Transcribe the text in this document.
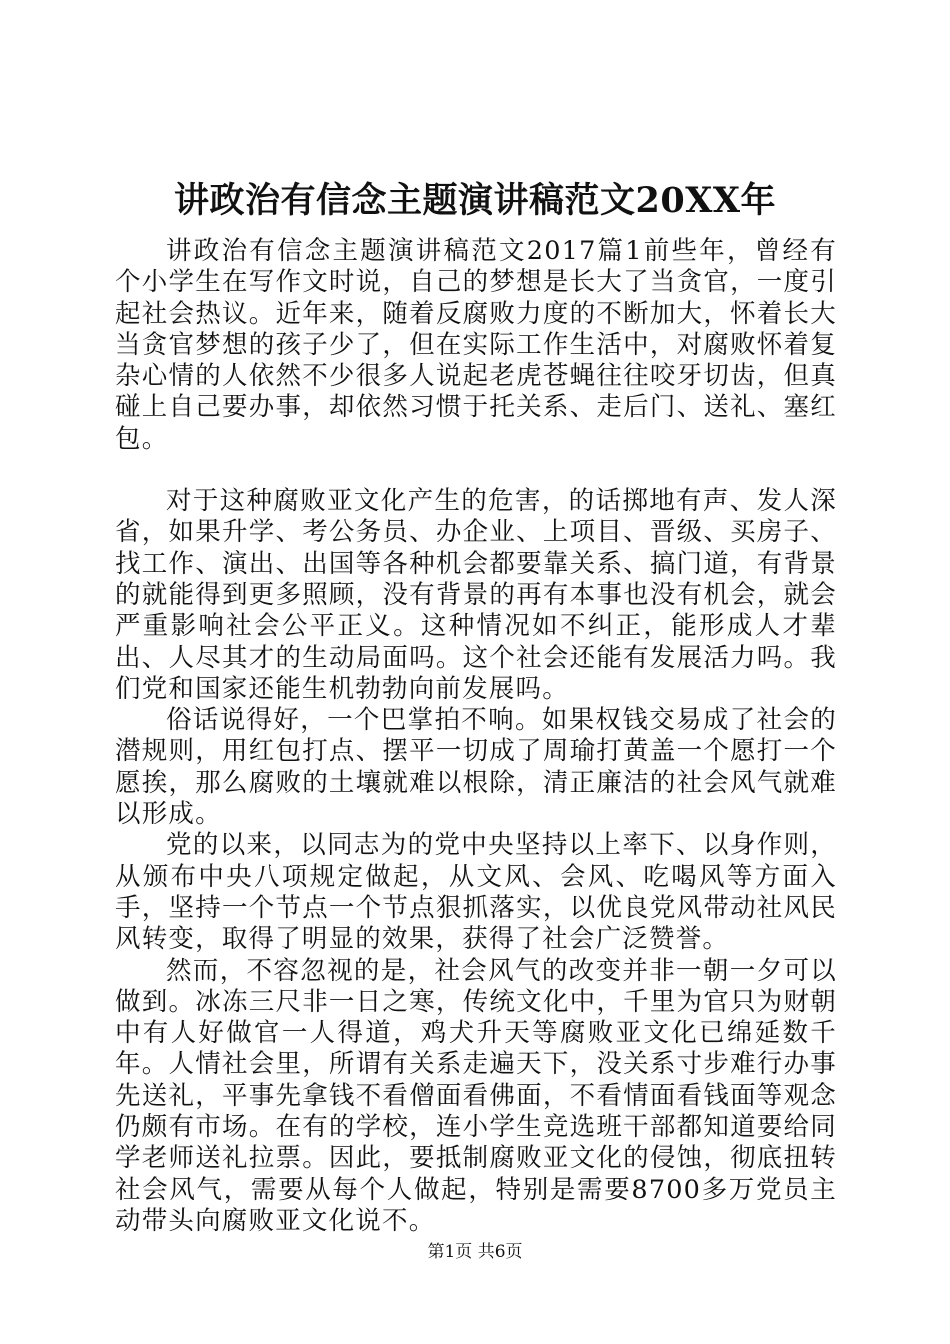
讲政治有信念主题演讲稿范文20XX年

讲政治有信念主题演讲稿范文2017篇1前些年，曾经有个小学生在写作文时说，自己的梦想是长大了当贪官，一度引起社会热议。近年来，随着反腐败力度的不断加大，怀着长大当贪官梦想的孩子少了，但在实际工作生活中，对腐败怀着复杂心情的人依然不少很多人说起老虎苍蝇往往咬牙切齿，但真碰上自己要办事，却依然习惯于托关系、走后门、送礼、塞红包。

对于这种腐败亚文化产生的危害，的话掷地有声、发人深省，如果升学、考公务员、办企业、上项目、晋级、买房子、找工作、演出、出国等各种机会都要靠关系、搞门道，有背景的就能得到更多照顾，没有背景的再有本事也没有机会，就会严重影响社会公平正义。这种情况如不纠正，能形成人才辈出、人尽其才的生动局面吗。这个社会还能有发展活力吗。我们党和国家还能生机勃勃向前发展吗。

俗话说得好，一个巴掌拍不响。如果权钱交易成了社会的潜规则，用红包打点、摆平一切成了周瑜打黄盖一个愿打一个愿挨，那么腐败的土壤就难以根除，清正廉洁的社会风气就难以形成。

党的以来，以同志为的党中央坚持以上率下、以身作则，从颁布中央八项规定做起，从文风、会风、吃喝风等方面入手，坚持一个节点一个节点狠抓落实，以优良党风带动社风民风转变，取得了明显的效果，获得了社会广泛赞誉。

然而，不容忽视的是，社会风气的改变并非一朝一夕可以做到。冰冻三尺非一日之寒，传统文化中，千里为官只为财朝中有人好做官一人得道，鸡犬升天等腐败亚文化已绵延数千年。人情社会里，所谓有关系走遍天下，没关系寸步难行办事先送礼，平事先拿钱不看僧面看佛面，不看情面看钱面等观念仍颇有市场。在有的学校，连小学生竞选班干部都知道要给同学老师送礼拉票。因此，要抵制腐败亚文化的侵蚀，彻底扭转社会风气，需要从每个人做起，特别是需要8700多万党员主动带头向腐败亚文化说不。

第1页 共6页
